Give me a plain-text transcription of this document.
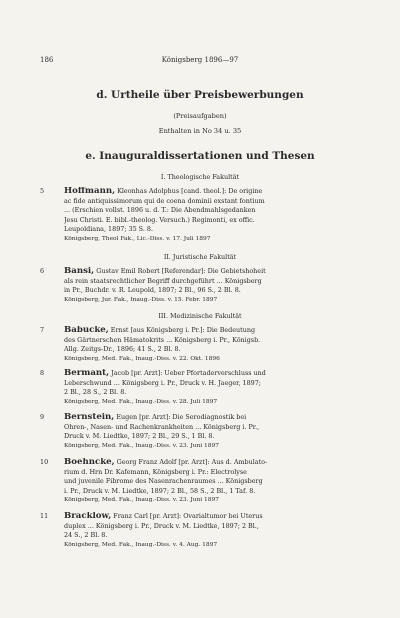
186	Königsberg 1896—97
d. Urtheile über Preisbewerbungen
(Preisaufgaben)
Enthalten in No 34 u. 35
e. Inauguraldissertationen und Thesen
I. Theologische Fakultät
5 Hoffmann, Kleonhas Adolphus [cand. theol.]: De origine

ac fide antiquissimorum qui de coena dominii exstant fontium

... (Erschien vollst. 1896 u. d. T.: Die Abendmahlsgedanken

Jesu Christi. E. bibl.-theolog. Versuch.) Regimonti, ex offic.

Leupoldiana, 1897; 35 S. 8.

Königsberg, Theol Fak., Lic.-Diss. v. 17. Juli 1897

II. Juristische Fakultät
6 Bansi, Gustav Emil Robert [Referendar]: Die Gebietshoheit

als rein staatsrechtlicher Begriff durchgeführt ... Königsberg

in Pr., Buchdr. v. R. Leupold, 1897; 2 Bl., 96 S., 2 Bl. 8.

Königsberg, Jur. Fak., Inaug.-Diss. v. 15. Febr. 1897

III. Medizinische Fakultät
7 Babucke, Ernst [aus Königsberg i. Pr.]: Die Bedeutung

des Gärtnerschen Hämatokrits ... Königsberg i. Pr., Königsb.

Allg. Zeitgs-Dr., 1896; 41 S., 2 Bl. 8.

Königsberg, Med. Fak., Inaug.-Diss. v. 22. Okt. 1896

8 Bermant, Jacob [pr. Arzt]: Ueber Pfortaderverschluss und

Leberschwund ... Königsberg i. Pr., Druck v. H. Jaeger, 1897;

2 Bl., 28 S., 2 Bl. 8.

Königsberg, Med. Fak., Inaug.-Diss. v. 28. Juli 1897

9 Bernstein, Eugen [pr. Arzt]: Die Serodiagnostik bei

Ohren-, Nasen- und Rachenkrankheiten ... Königsberg i. Pr.,

Druck v. M. Liedtke, 1897; 2 Bl., 29 S., 1 Bl. 8.

Königsberg, Med. Fak., Inaug.-Diss. v. 23. Juni 1897

10 Boehncke, Georg Franz Adolf [pr. Arzt]: Aus d. Ambulato-

rium d. Hrn Dr. Kafemann, Königsberg i. Pr.: Electrolyse

und juvenile Fibrome des Nasenrachenraumes ... Königsberg

i. Pr., Druck v. M. Liedtke, 1897; 2 Bl., 58 S., 2 Bl., 1 Taf. 8.

Königsberg, Med. Fak., Inaug.-Diss. v. 23. Juni 1897

11 Bracklow, Franz Carl [pr. Arzt]: Ovarialtumor bei Uterus

duplex ... Königsberg i. Pr., Druck v. M. Liedtke, 1897; 2 Bl.,

24 S., 2 Bl. 8.

Königsberg, Med. Fak., Inaug.-Diss. v. 4. Aug. 1897
